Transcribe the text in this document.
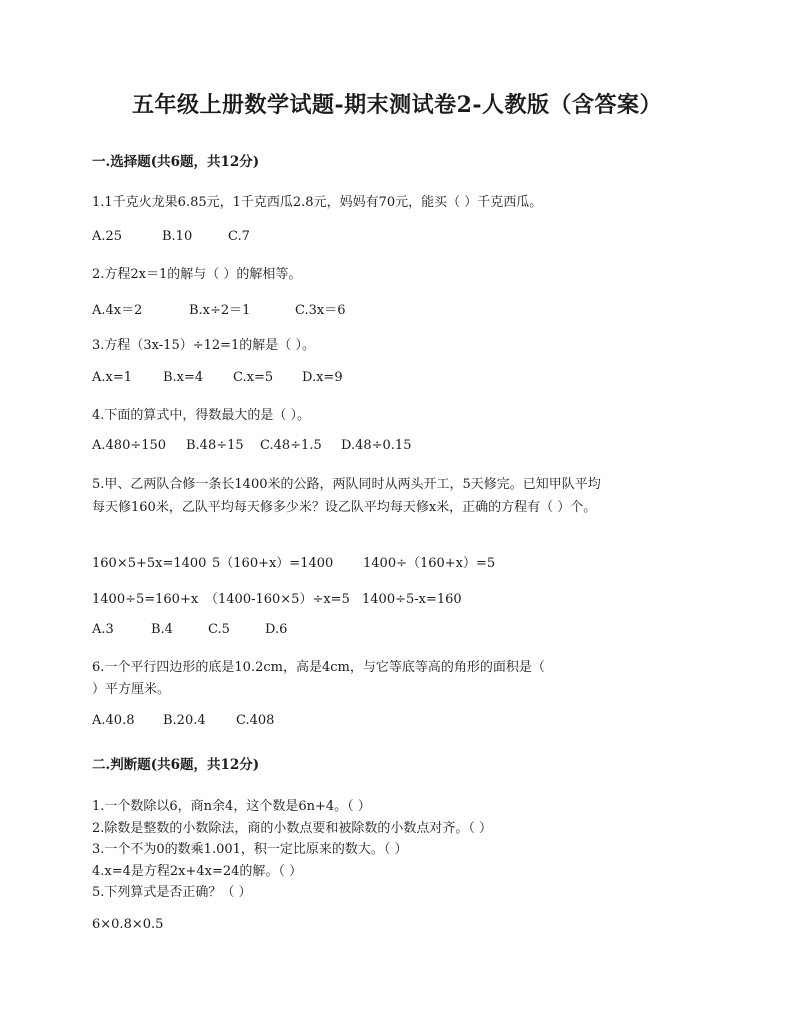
五年级上册数学试题-期末测试卷2-人教版（含答案）
一.选择题(共6题，共12分)
1.1千克火龙果6.85元，1千克西瓜2.8元，妈妈有70元，能买（ ）千克西瓜。
A.25	B.10	C.7
2.方程2x＝1的解与（ ）的解相等。
A.4x＝2	B.x÷2＝1	C.3x＝6
3.方程（3x-15）÷12=1的解是（ ）。
A.x=1 B.x=4 C.x=5 D.x=9
4.下面的算式中，得数最大的是（ ）。
A.480÷150 B.48÷15 C.48÷1.5 D.48÷0.15
5.甲、乙两队合修一条长1400米的公路，两队同时从两头开工，5天修完。已知甲队平均
每天修160米，乙队平均每天修多少米？设乙队平均每天修x米，正确的方程有（ ）个。
160×5+5x=1400 5（160+x）=1400 1400÷（160+x）=5
1400÷5=160+x （1400-160×5）÷x=5 1400÷5-x=160
A.3	B.4	C.5	D.6
6.一个平行四边形的底是10.2cm，高是4cm，与它等底等高的角形的面积是（
）平方厘米。
A.40.8 B.20.4 C.408
二.判断题(共6题，共12分)
1.一个数除以6，商n余4，这个数是6n+4。（ ）
2.除数是整数的小数除法，商的小数点要和被除数的小数点对齐。（ ）
3.一个不为0的数乘1.001，积一定比原来的数大。（ ）
4.x=4是方程2x+4x=24的解。（ ）
5.下列算式是否正确？（ ）
6×0.8×0.5
